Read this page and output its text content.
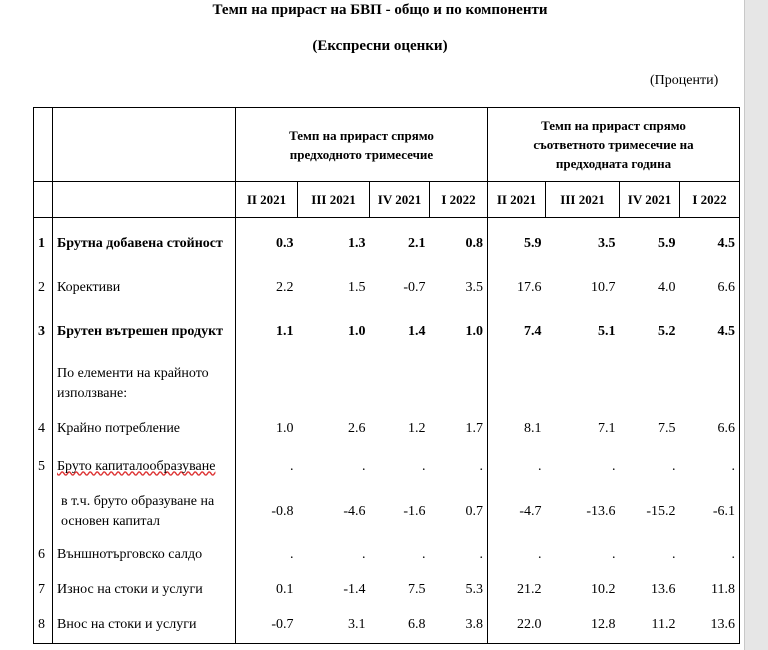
Темп на прираст на БВП - общо и по компоненти
(Експресни оценки)
(Проценти)
		Темп на прираст спрямо предходното тримесечие				Темп на прираст спрямо съответното тримесечие на предходната година			
		II 2021	III 2021	IV 2021	I 2022	II 2021	III 2021	IV 2021	I 2022
1	Брутна добавена стойност	0.3	1.3	2.1	0.8	5.9	3.5	5.9	4.5
2	Корективи	2.2	1.5	-0.7	3.5	17.6	10.7	4.0	6.6
3	Брутен вътрешен продукт	1.1	1.0	1.4	1.0	7.4	5.1	5.2	4.5
	По елементи на крайното използване:								
4	Крайно потребление	1.0	2.6	1.2	1.7	8.1	7.1	7.5	6.6
5	Бруто капиталообразуване	.	.	.	.	.	.	.	.
	в т.ч. бруто образуване на основен капитал	-0.8	-4.6	-1.6	0.7	-4.7	-13.6	-15.2	-6.1
6	Външнотърговско салдо	.	.	.	.	.	.	.	.
7	Износ на стоки и услуги	0.1	-1.4	7.5	5.3	21.2	10.2	13.6	11.8
8	Внос на стоки и услуги	-0.7	3.1	6.8	3.8	22.0	12.8	11.2	13.6
